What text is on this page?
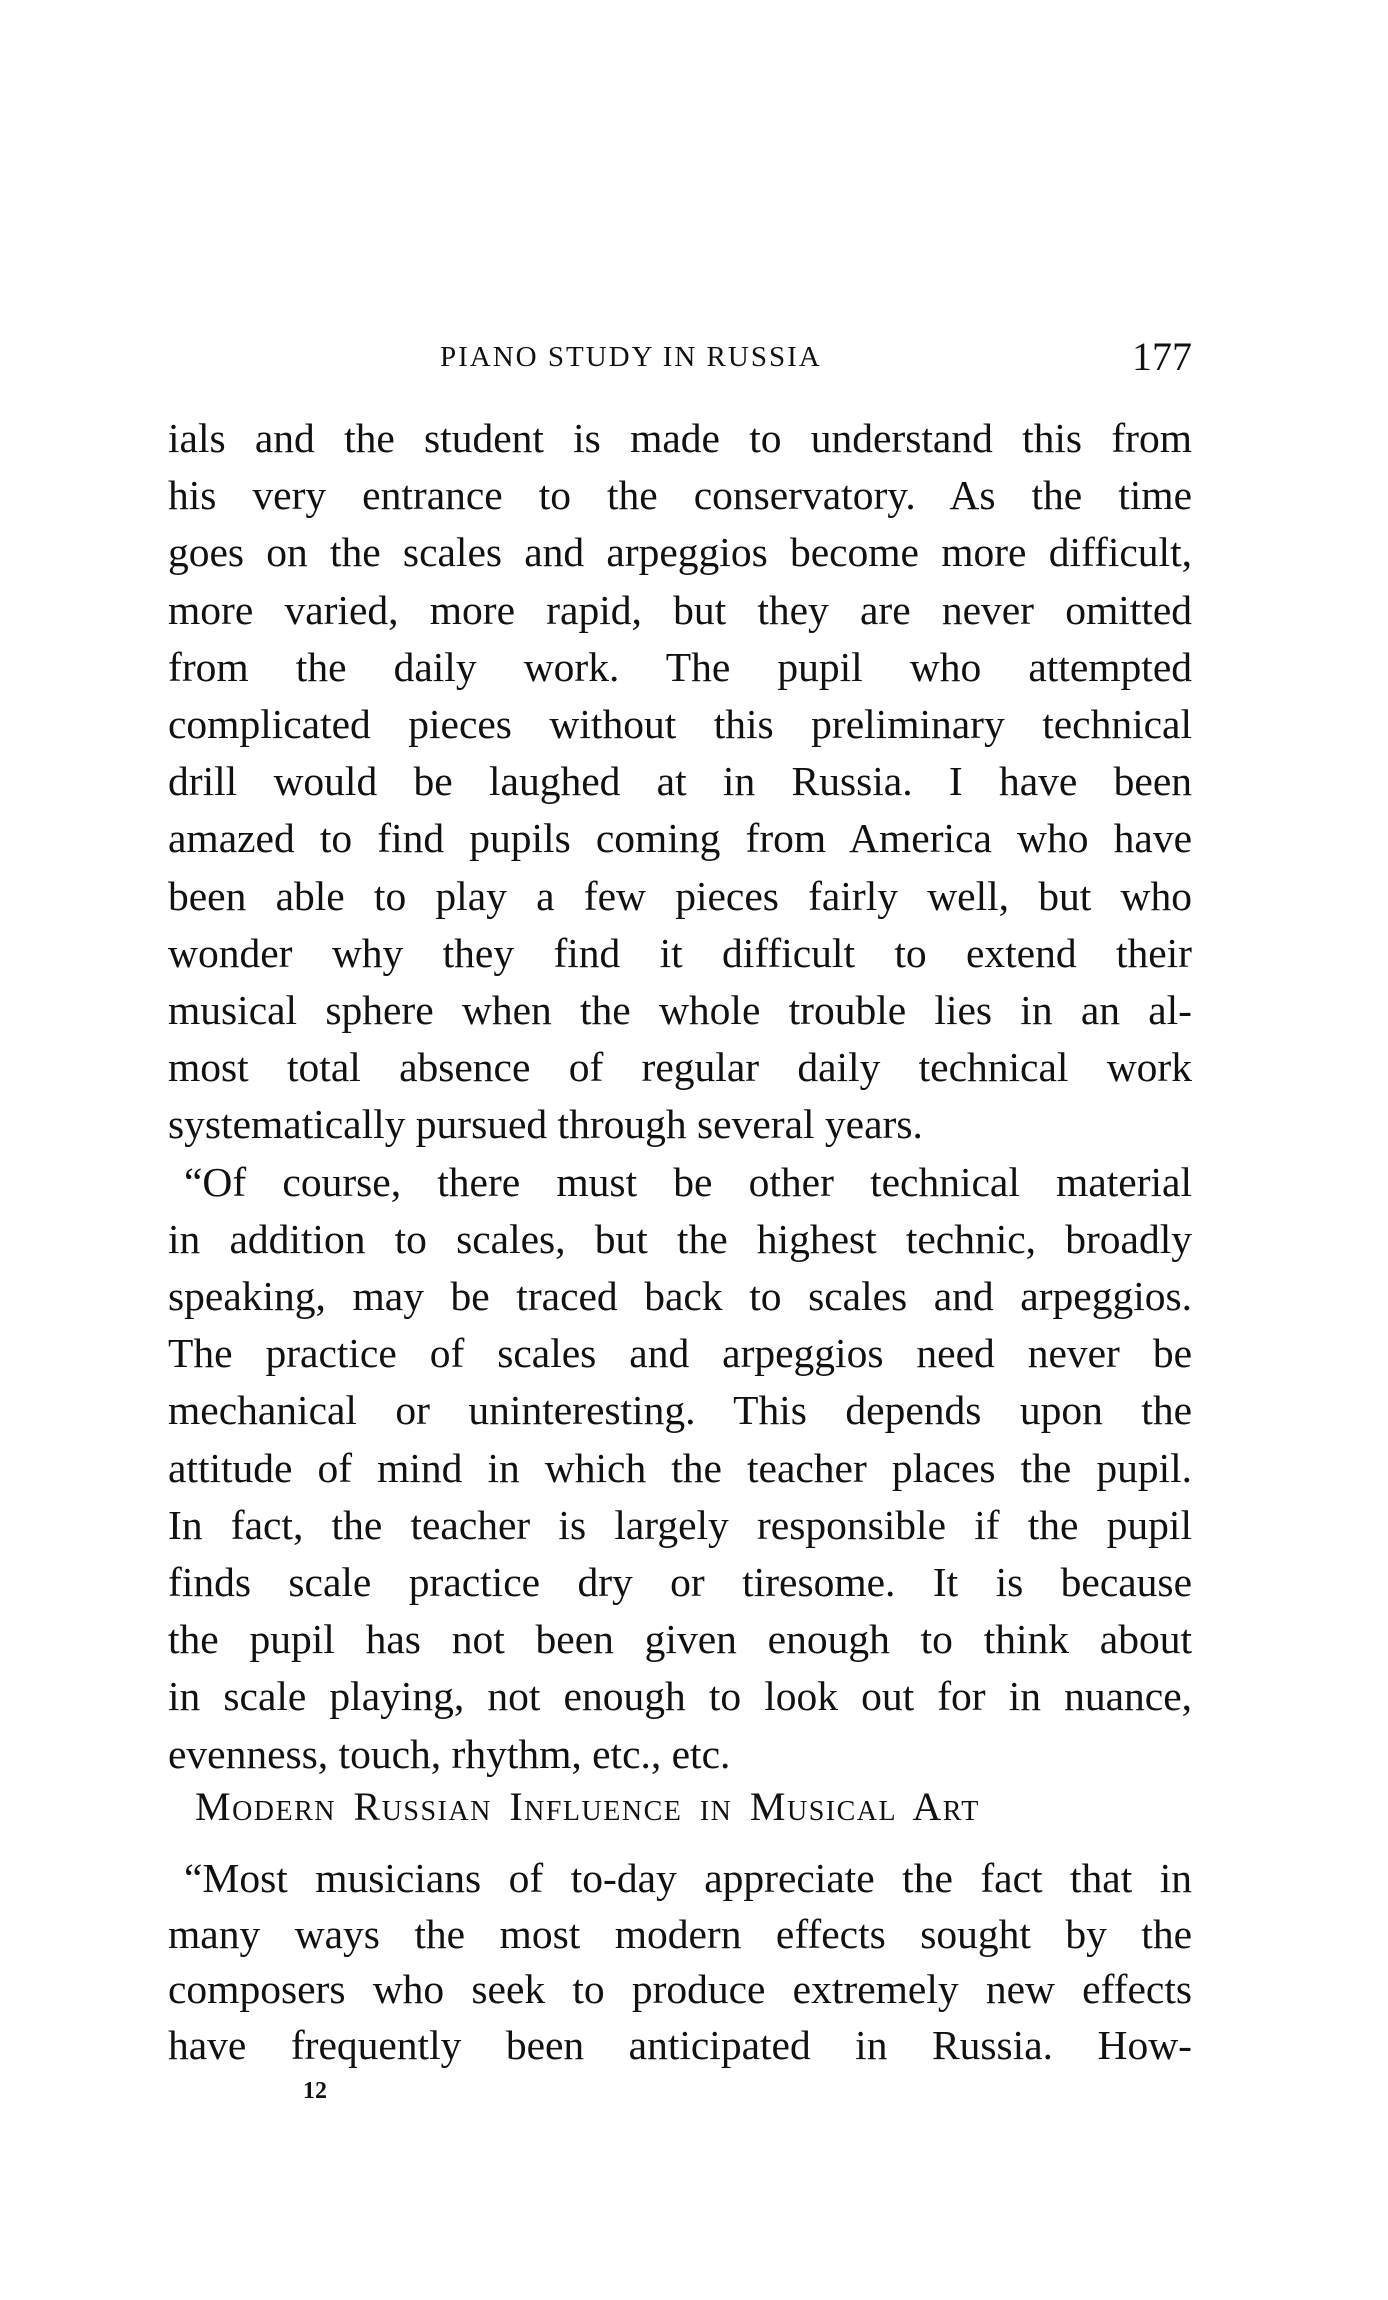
PIANO STUDY IN RUSSIA	177
ials and the student is made to understand this from
his very entrance to the conservatory. As the time
goes on the scales and arpeggios become more difficult,
more varied, more rapid, but they are never omitted
from the daily work. The pupil who attempted
complicated pieces without this preliminary technical
drill would be laughed at in Russia. I have been
amazed to find pupils coming from America who have
been able to play a few pieces fairly well, but who
wonder why they find it difficult to extend their
musical sphere when the whole trouble lies in an al-
most total absence of regular daily technical work
systematically pursued through several years.
“Of course, there must be other technical material
in addition to scales, but the highest technic, broadly
speaking, may be traced back to scales and arpeggios.
The practice of scales and arpeggios need never be
mechanical or uninteresting. This depends upon the
attitude of mind in which the teacher places the pupil.
In fact, the teacher is largely responsible if the pupil
finds scale practice dry or tiresome. It is because
the pupil has not been given enough to think about
in scale playing, not enough to look out for in nuance,
evenness, touch, rhythm, etc., etc.
Modern Russian Influence in Musical Art
“Most musicians of to-day appreciate the fact that in
many ways the most modern effects sought by the
composers who seek to produce extremely new effects
have frequently been anticipated in Russia. How-
12
